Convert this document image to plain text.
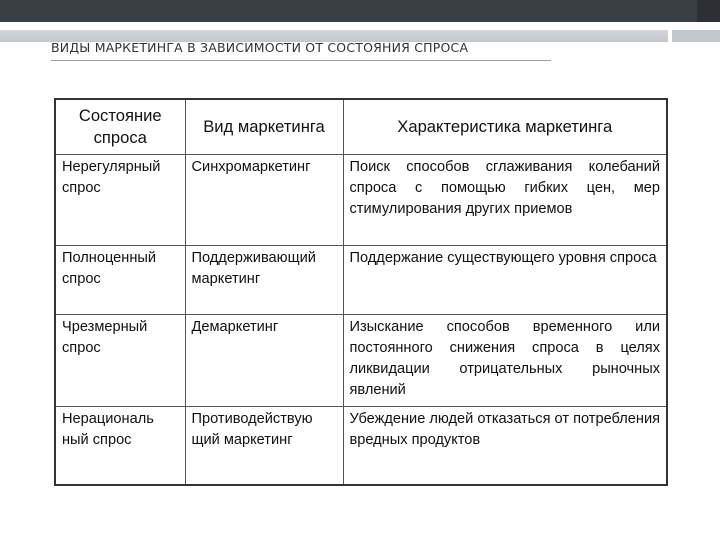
ВИДЫ МАРКЕТИНГА В ЗАВИСИМОСТИ ОТ СОСТОЯНИЯ СПРОСА
Состояние спроса	Вид маркетинга	Характеристика маркетинга
Нерегулярный спрос	Синхромаркетинг	Поиск способов сглаживания колебаний спроса с помощью гибких цен, мер стимулирования других приемов
Полноценный спрос	Поддерживающий маркетинг	Поддержание существующего уровня спроса
Чрезмерный спрос	Демаркетинг	Изыскание способов временного или постоянного снижения спроса в целях ликвидации отрицательных рыночных явлений
Нерациональ ный спрос	Противодействую щий маркетинг	Убеждение людей отказаться от потребления вредных продуктов
